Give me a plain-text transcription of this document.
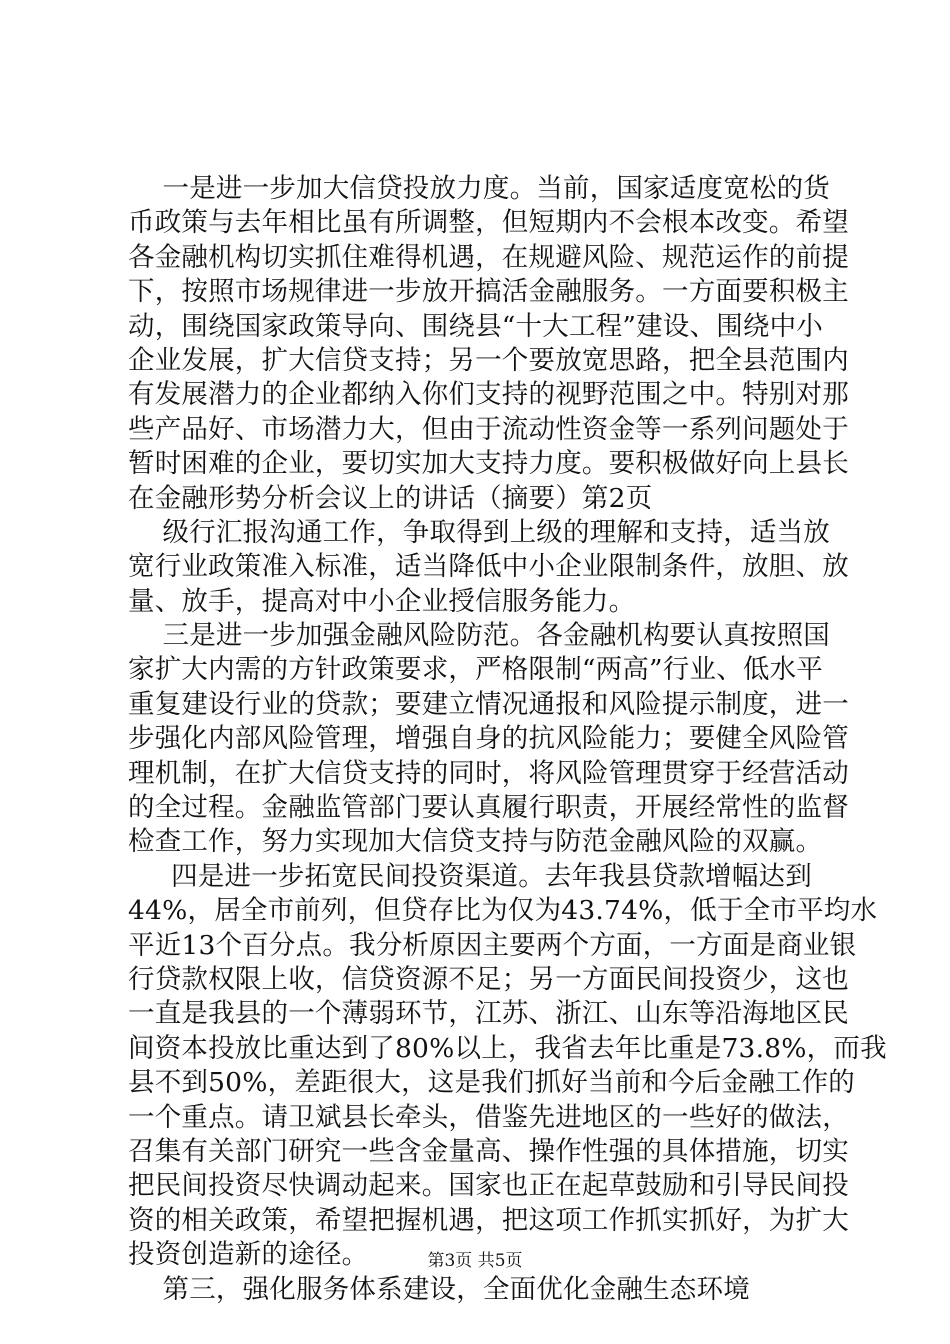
一是进一步加大信贷投放力度。当前，国家适度宽松的货
币政策与去年相比虽有所调整，但短期内不会根本改变。希望
各金融机构切实抓住难得机遇，在规避风险、规范运作的前提
下，按照市场规律进一步放开搞活金融服务。一方面要积极主
动，围绕国家政策导向、围绕县“十大工程”建设、围绕中小
企业发展，扩大信贷支持；另一个要放宽思路，把全县范围内
有发展潜力的企业都纳入你们支持的视野范围之中。特别对那
些产品好、市场潜力大，但由于流动性资金等一系列问题处于
暂时困难的企业，要切实加大支持力度。要积极做好向上县长
在金融形势分析会议上的讲话（摘要）第2页
级行汇报沟通工作，争取得到上级的理解和支持，适当放
宽行业政策准入标准，适当降低中小企业限制条件，放胆、放
量、放手，提高对中小企业授信服务能力。
三是进一步加强金融风险防范。各金融机构要认真按照国
家扩大内需的方针政策要求，严格限制“两高”行业、低水平
重复建设行业的贷款；要建立情况通报和风险提示制度，进一
步强化内部风险管理，增强自身的抗风险能力；要健全风险管
理机制，在扩大信贷支持的同时，将风险管理贯穿于经营活动
的全过程。金融监管部门要认真履行职责，开展经常性的监督
检查工作，努力实现加大信贷支持与防范金融风险的双赢。
四是进一步拓宽民间投资渠道。去年我县贷款增幅达到
44%，居全市前列，但贷存比为仅为43.74%，低于全市平均水
平近13个百分点。我分析原因主要两个方面，一方面是商业银
行贷款权限上收，信贷资源不足；另一方面民间投资少，这也
一直是我县的一个薄弱环节，江苏、浙江、山东等沿海地区民
间资本投放比重达到了80%以上，我省去年比重是73.8%，而我
县不到50%，差距很大，这是我们抓好当前和今后金融工作的
一个重点。请卫斌县长牵头，借鉴先进地区的一些好的做法，
召集有关部门研究一些含金量高、操作性强的具体措施，切实
把民间投资尽快调动起来。国家也正在起草鼓励和引导民间投
资的相关政策，希望把握机遇，把这项工作抓实抓好，为扩大
投资创造新的途径。
第三，强化服务体系建设，全面优化金融生态环境
第3页 共5页
